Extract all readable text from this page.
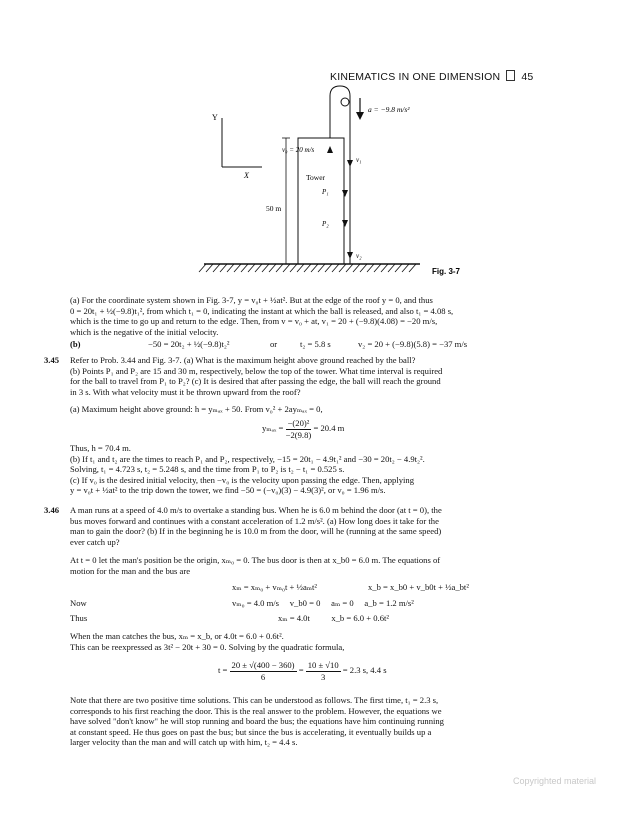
KINEMATICS IN ONE DIMENSION 45
Y
X
a = −9.8 m/s²
v₀ = 20 m/s
v₁
Tower
P₁
P₂
50 m
v₂
Fig. 3-7
(a) For the coordinate system shown in Fig. 3-7, y = v₀t + ½at². But at the edge of the roof y = 0, and thus
0 = 20t₁ + ½(−9.8)t₁², from which t₁ = 0, indicating the instant at which the ball is released, and also t₁ = 4.08 s,
which is the time to go up and return to the edge. Then, from v = v₀ + at, v₁ = 20 + (−9.8)(4.08) = −20 m/s,
which is the negative of the initial velocity.
(b)	−50 = 20t₂ + ½(−9.8)t₂²	or	t₂ = 5.8 s	v₂ = 20 + (−9.8)(5.8) = −37 m/s
3.45 Refer to Prob. 3.44 and Fig. 3-7. (a) What is the maximum height above ground reached by the ball?
(b) Points P₁ and P₂ are 15 and 30 m, respectively, below the top of the tower. What time interval is required
for the ball to travel from P₁ to P₂? (c) It is desired that after passing the edge, the ball will reach the ground
in 3 s. With what velocity must it be thrown upward from the roof?
(a) Maximum height above ground: h = yₘₐₓ + 50. From v₀² + 2ayₘₐₓ = 0,
$y_{max} = \frac{\text{−(20)²}}{-2(9.8)} = 20.4$ m
Thus, h = 70.4 m.
(b) If t₁ and t₂ are the times to reach P₁ and P₂, respectively, −15 = 20t₁ − 4.9t₁² and −30 = 20t₂ − 4.9t₂².
Solving, t₁ = 4.723 s, t₂ = 5.248 s, and the time from P₁ to P₂ is t₂ − t₁ = 0.525 s.
(c) If v₀ is the desired initial velocity, then −v₀ is the velocity upon passing the edge. Then, applying
y = v₀t + ½at² to the trip down the tower, we find −50 = (−v₀)(3) − 4.9(3)², or v₀ = 1.96 m/s.
3.46 A man runs at a speed of 4.0 m/s to overtake a standing bus. When he is 6.0 m behind the door (at t = 0), the
bus moves forward and continues with a constant acceleration of 1.2 m/s². (a) How long does it take for the
man to gain the door? (b) If in the beginning he is 10.0 m from the door, will he (running at the same speed)
ever catch up?
At t = 0 let the man's position be the origin, xₘ₀ = 0. The bus door is then at x_b0 = 6.0 m. The equations of
motion for the man and the bus are
xₘ = xₘ₀ + vₘ₀t + ½aₘt²	x_b = x_b0 + v_b0t + ½a_bt²
Now	vₘ₀ = 4.0 m/s     v_b0 = 0     aₘ = 0     a_b = 1.2 m/s²
Thus	xₘ = 4.0t          x_b = 6.0 + 0.6t²
When the man catches the bus, xₘ = x_b, or 4.0t = 6.0 + 0.6t².
This can be reexpressed as 3t² − 20t + 30 = 0. Solving by the quadratic formula,
$t = \frac{20 \pm √(400 - 360)}{6} = \frac{10 \pm √10}{3} = 2.3$ s, 4.4 s
Note that there are two positive time solutions. This can be understood as follows. The first time, t₁ = 2.3 s,
corresponds to his first reaching the door. This is the real answer to the problem. However, the equations we
have solved "don't know" he will stop running and board the bus; the equations have him continuing running
at constant speed. He thus goes on past the bus; but since the bus is accelerating, it eventually builds up a
larger velocity than the man and will catch up with him, t₂ = 4.4 s.
Copyrighted material
